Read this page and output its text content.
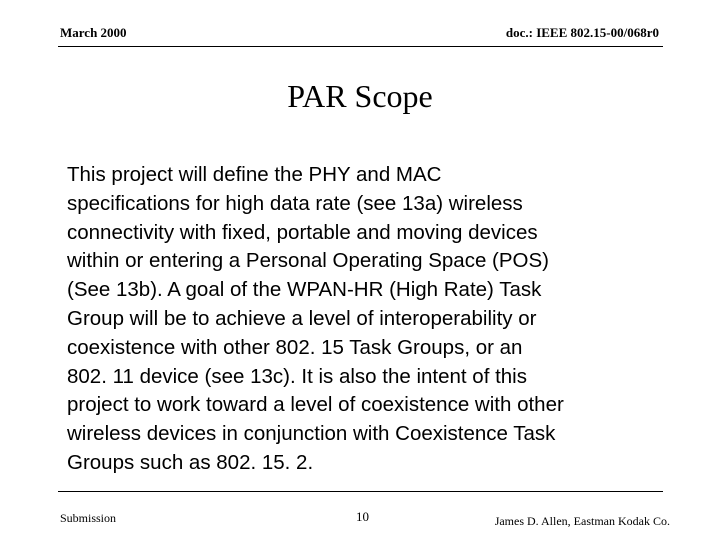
March 2000	doc.: IEEE 802.15-00/068r0
PAR Scope
This project will define the PHY and MAC
specifications for high data rate (see 13a) wireless
connectivity with fixed, portable and moving devices
within or entering a Personal Operating Space (POS)
(See 13b). A goal of the WPAN-HR (High Rate) Task
Group will be to achieve a level of interoperability or
coexistence with other 802. 15 Task Groups, or an
802. 11 device (see 13c). It is also the intent of this
project to work toward a level of coexistence with other
wireless devices in conjunction with Coexistence Task
Groups such as 802. 15. 2.
Submission	10	James D. Allen, Eastman Kodak Co.
